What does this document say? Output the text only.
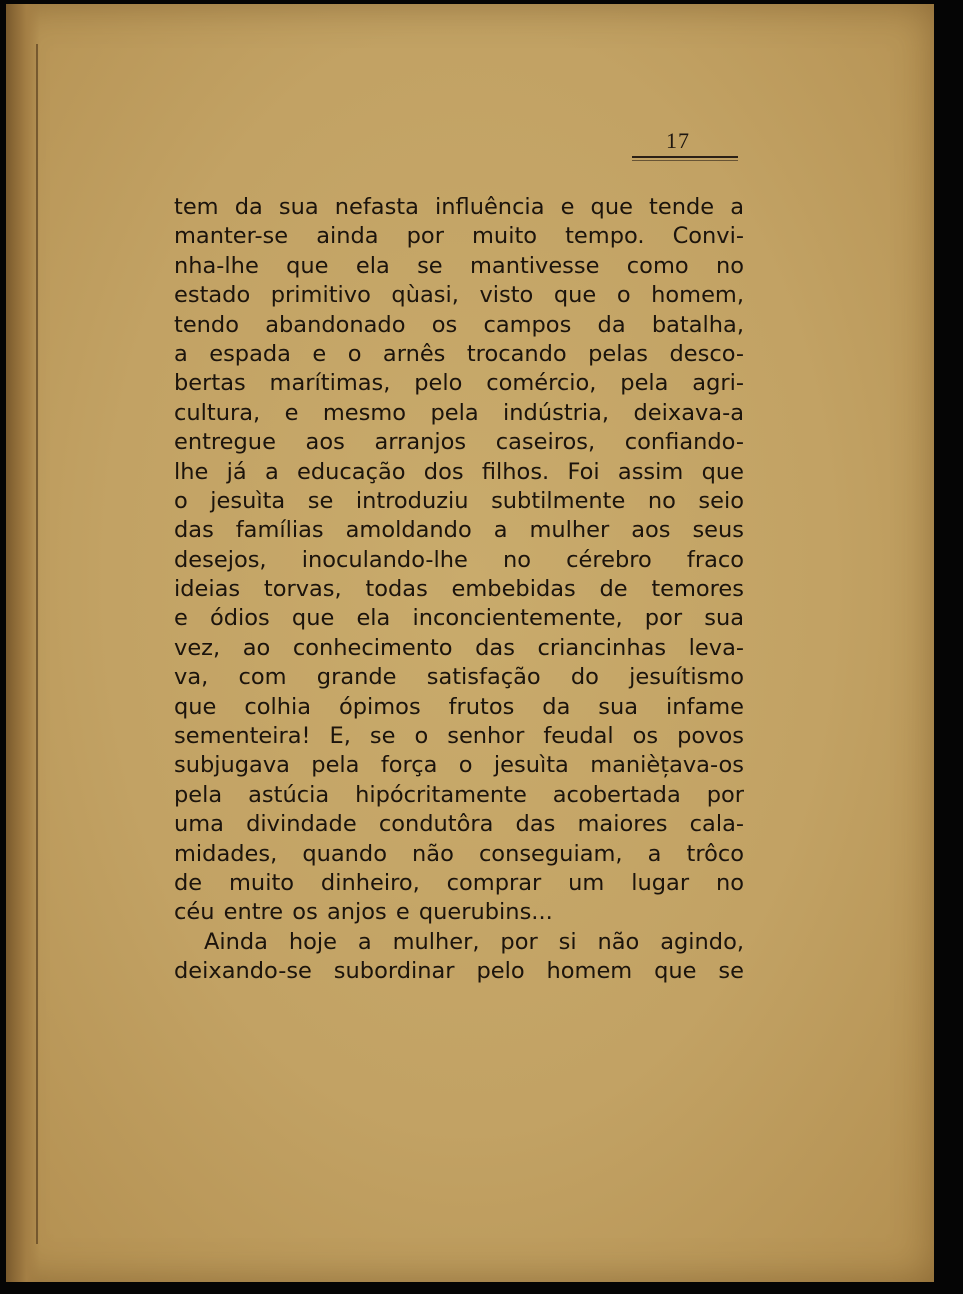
17
tem da sua nefasta influência e que tende a
manter-se ainda por muito tempo. Convi-
nha-lhe que ela se mantivesse como no
estado primitivo qùasi, visto que o homem,
tendo abandonado os campos da batalha,
a espada e o arnês trocando pelas desco-
bertas marítimas, pelo comércio, pela agri-
cultura, e mesmo pela indústria, deixava-a
entregue aos arranjos caseiros, confiando-
lhe já a educação dos filhos. Foi assim que
o jesuìta se introduziu subtilmente no seio
das famílias amoldando a mulher aos seus
desejos, inoculando-lhe no cérebro fraco
ideias torvas, todas embebidas de temores
e ódios que ela inconcientemente, por sua
vez, ao conhecimento das criancinhas leva-
va, com grande satisfação do jesuítismo
que colhia ópimos frutos da sua infame
sementeira! E, se o senhor feudal os povos
subjugava pela força o jesuìta manièțava-os
pela astúcia hipócritamente acobertada por
uma divindade condutôra das maiores cala-
midades, quando não conseguiam, a trôco
de muito dinheiro, comprar um lugar no
céu entre os anjos e querubins...
Ainda hoje a mulher, por si não agindo,
deixando-se subordinar pelo homem que se
